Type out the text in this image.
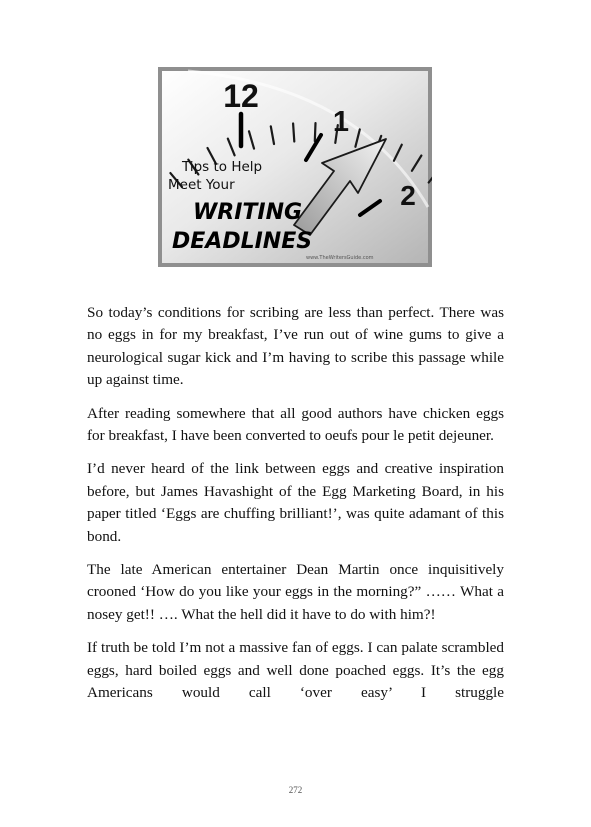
12
1
2
Tips to Help
Meet Your
WRITING
DEADLINES
www.TheWritersGuide.com

So today’s conditions for scribing are less than perfect. There was no eggs in for my breakfast, I’ve run out of wine gums to give a neurological sugar kick and I’m having to scribe this passage while up against time.

After reading somewhere that all good authors have chicken eggs for breakfast, I have been converted to oeufs pour le petit dejeuner.

I’d never heard of the link between eggs and creative inspiration before, but James Havashight of the Egg Marketing Board, in his paper titled ‘Eggs are chuffing brilliant!’, was quite adamant of this bond.

The late American entertainer Dean Martin once inquisitively crooned ‘How do you like your eggs in the morning?” …… What a nosey get!! …. What the hell did it have to do with him?!

If truth be told I’m not a massive fan of eggs. I can palate scrambled eggs, hard boiled eggs and well done poached eggs. It’s the egg Americans would call ‘over easy’ I struggle

272
